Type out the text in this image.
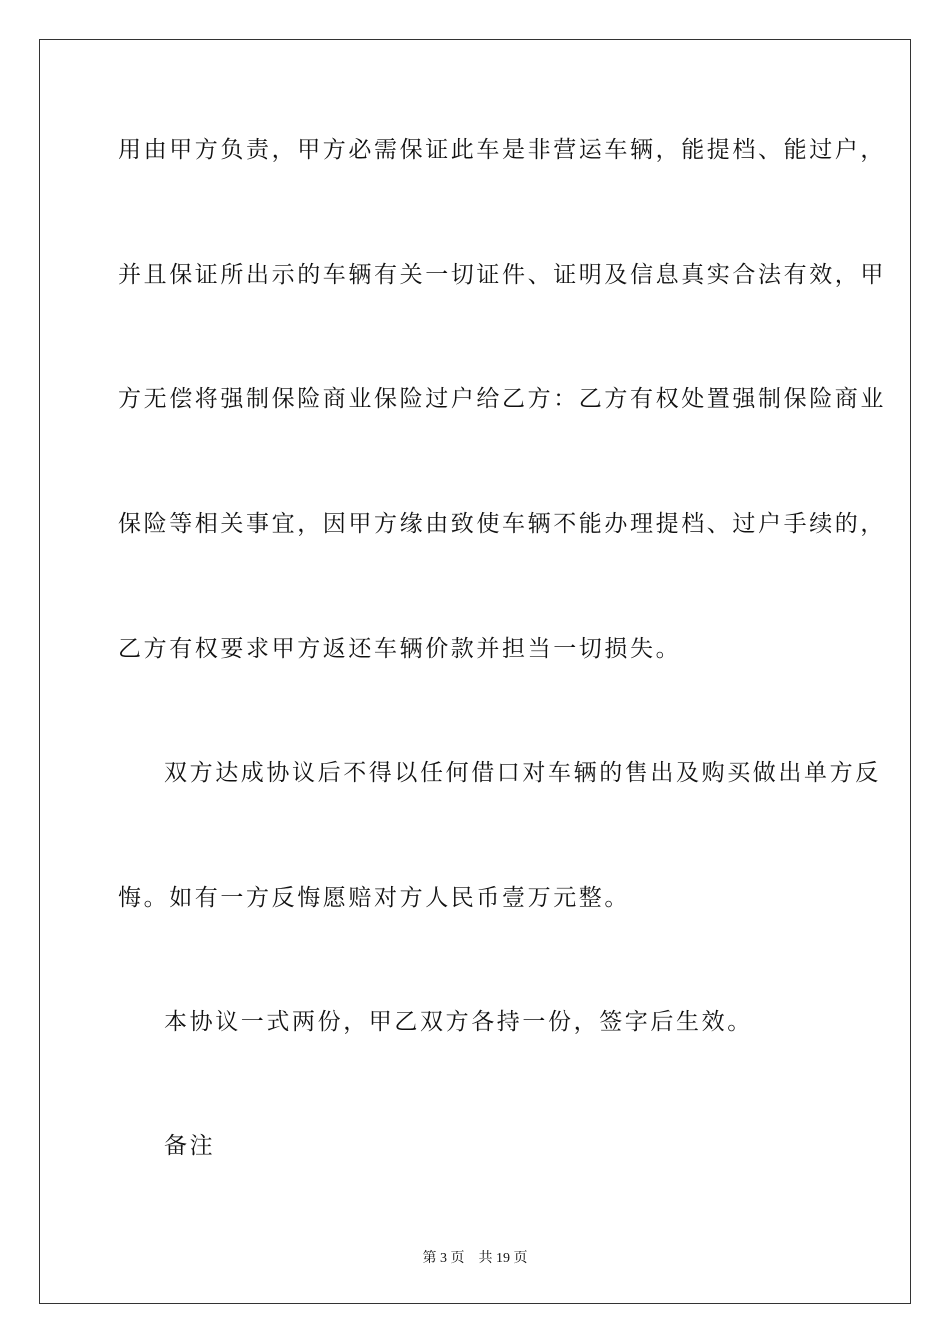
用由甲方负责，甲方必需保证此车是非营运车辆，能提档、能过户，
并且保证所出示的车辆有关一切证件、证明及信息真实合法有效，甲
方无偿将强制保险商业保险过户给乙方：乙方有权处置强制保险商业
保险等相关事宜，因甲方缘由致使车辆不能办理提档、过户手续的，
乙方有权要求甲方返还车辆价款并担当一切损失。
双方达成协议后不得以任何借口对车辆的售出及购买做出单方反
悔。如有一方反悔愿赔对方人民币壹万元整。
本协议一式两份，甲乙双方各持一份，签字后生效。
备注
第 3 页    共 19 页
